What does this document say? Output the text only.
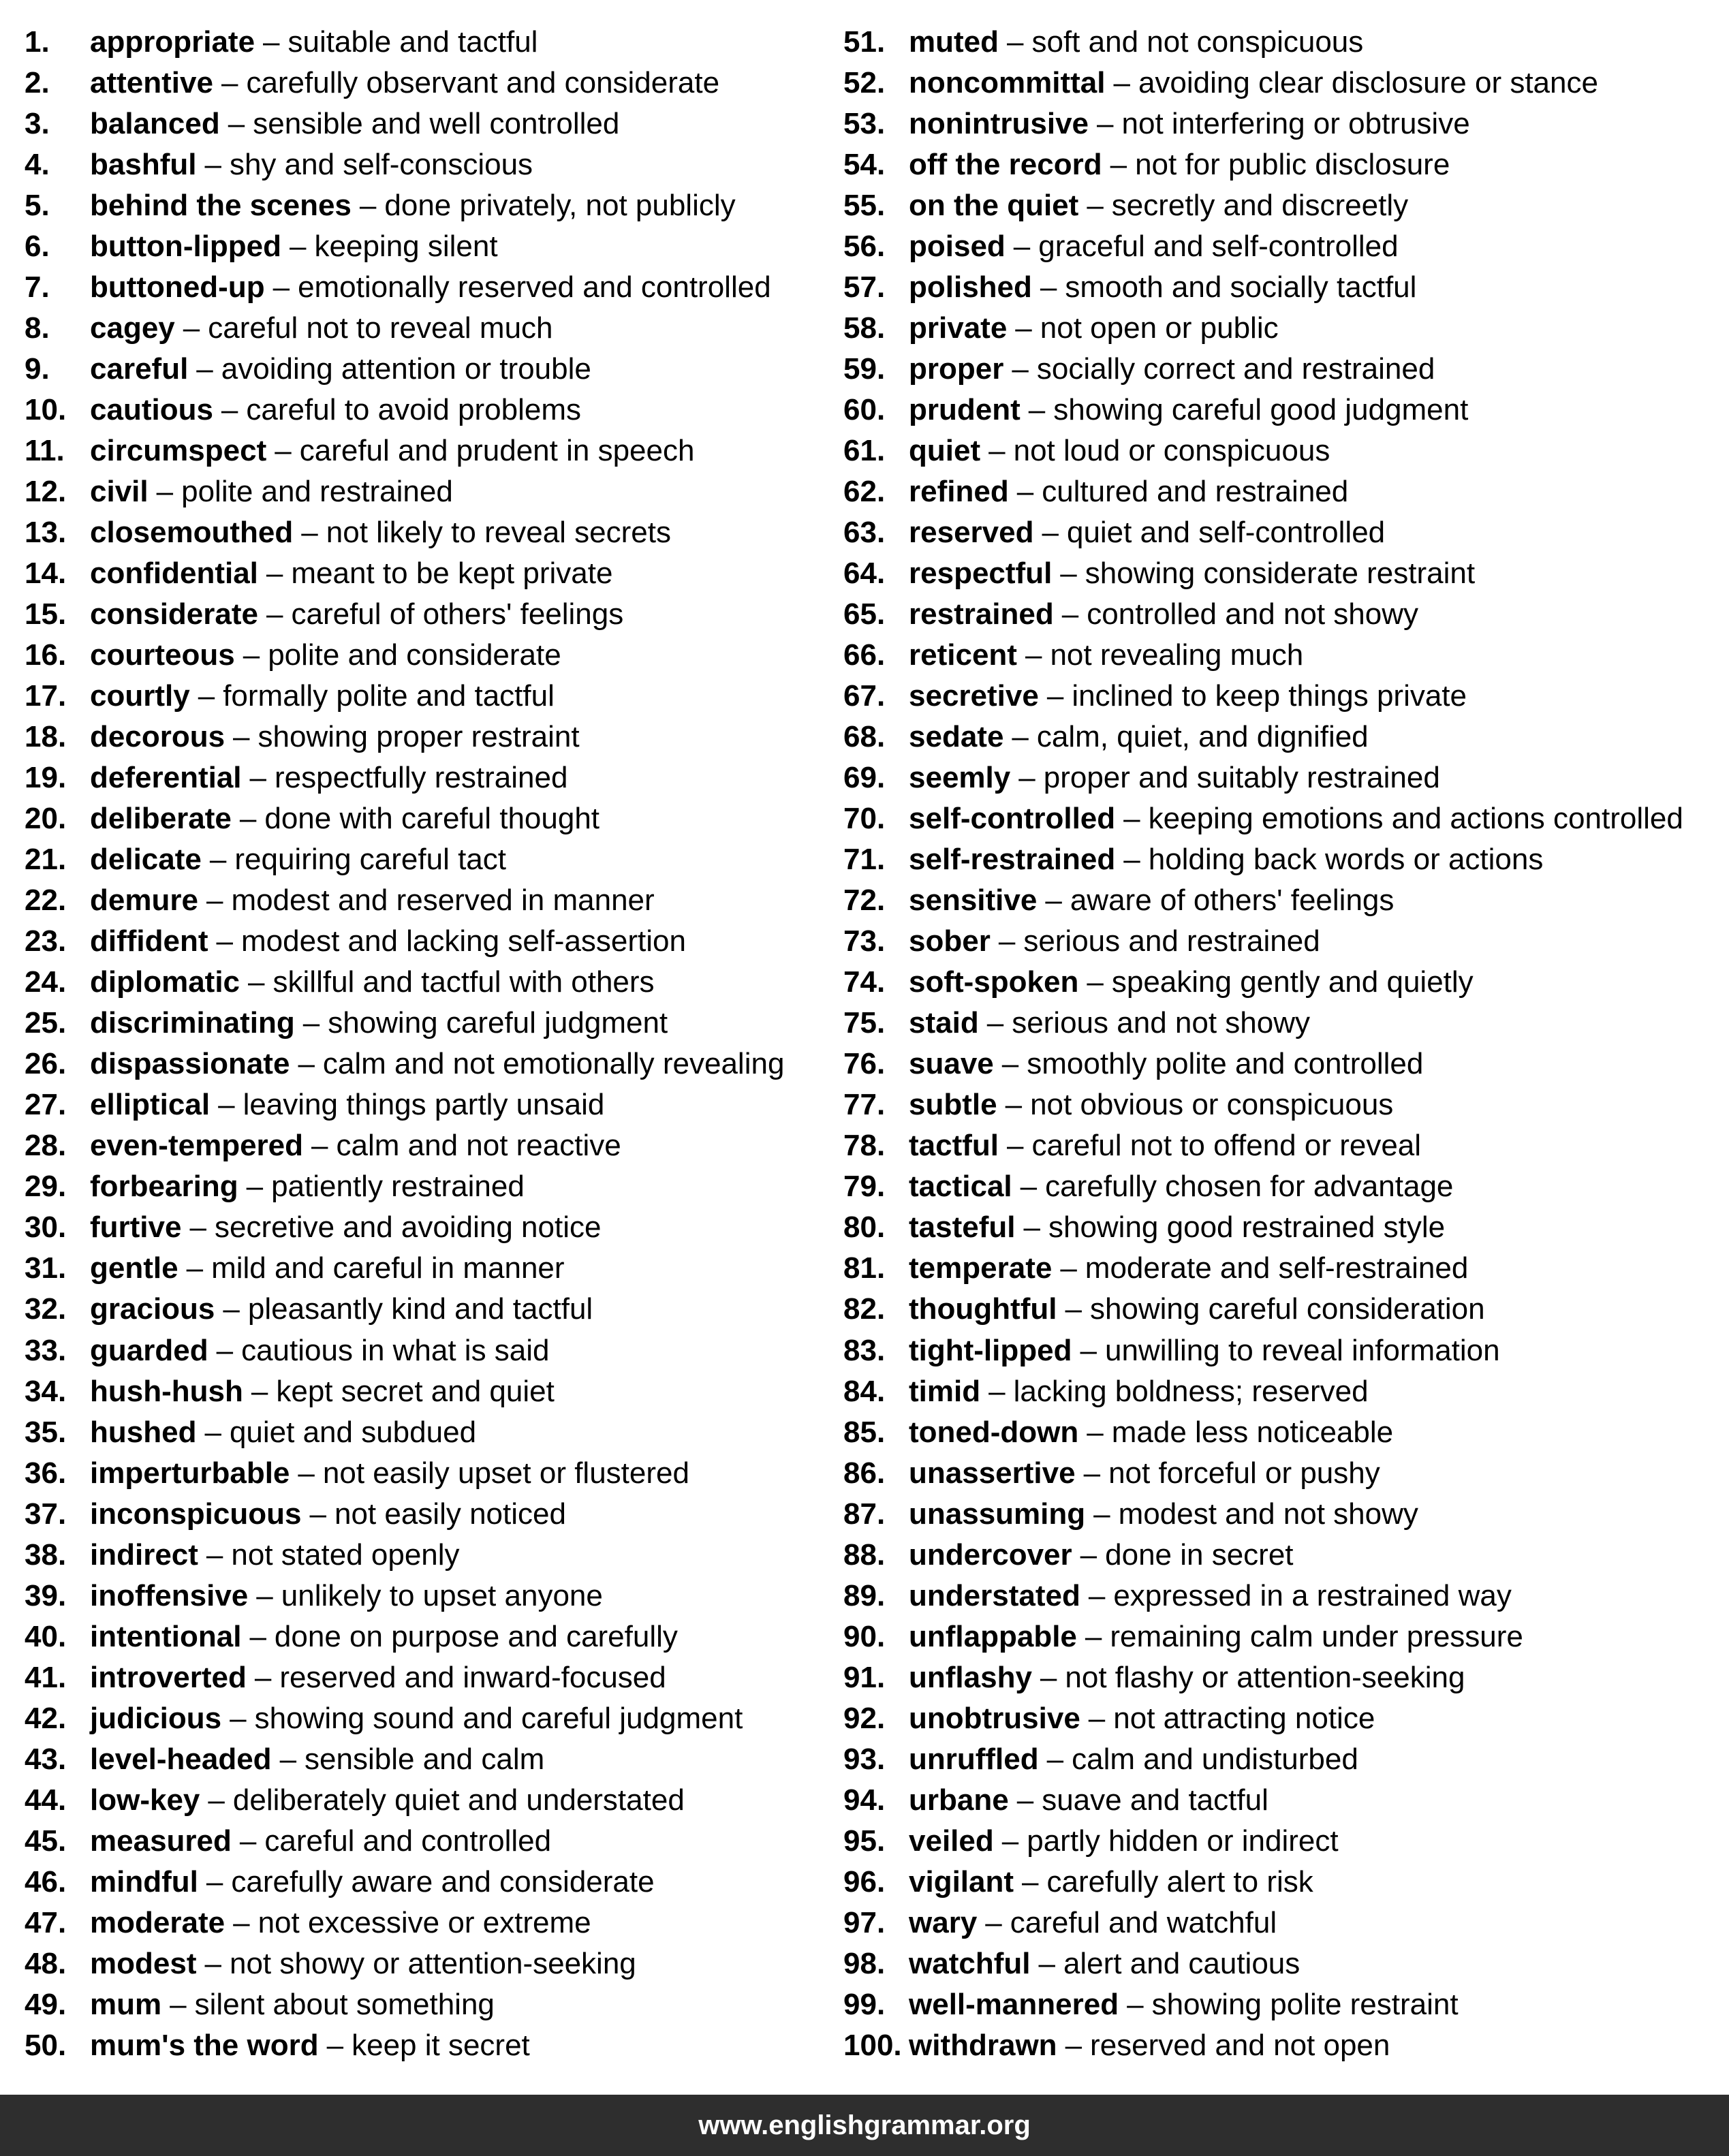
1.	appropriate – suitable and tactful
2.	attentive – carefully observant and considerate
3.	balanced – sensible and well controlled
4.	bashful – shy and self-conscious
5.	behind the scenes – done privately, not publicly
6.	button-lipped – keeping silent
7.	buttoned-up – emotionally reserved and controlled
8.	cagey – careful not to reveal much
9.	careful – avoiding attention or trouble
10. cautious – careful to avoid problems
11. circumspect – careful and prudent in speech
12. civil – polite and restrained
13. closemouthed – not likely to reveal secrets
14. confidential – meant to be kept private
15. considerate – careful of others' feelings
16. courteous – polite and considerate
17. courtly – formally polite and tactful
18. decorous – showing proper restraint
19. deferential – respectfully restrained
20. deliberate – done with careful thought
21. delicate – requiring careful tact
22. demure – modest and reserved in manner
23. diffident – modest and lacking self-assertion
24. diplomatic – skillful and tactful with others
25. discriminating – showing careful judgment
26. dispassionate – calm and not emotionally revealing
27. elliptical – leaving things partly unsaid
28. even-tempered – calm and not reactive
29. forbearing – patiently restrained
30. furtive – secretive and avoiding notice
31. gentle – mild and careful in manner
32. gracious – pleasantly kind and tactful
33. guarded – cautious in what is said
34. hush-hush – kept secret and quiet
35. hushed – quiet and subdued
36. imperturbable – not easily upset or flustered
37. inconspicuous – not easily noticed
38. indirect – not stated openly
39. inoffensive – unlikely to upset anyone
40. intentional – done on purpose and carefully
41. introverted – reserved and inward-focused
42. judicious – showing sound and careful judgment
43. level-headed – sensible and calm
44. low-key – deliberately quiet and understated
45. measured – careful and controlled
46. mindful – carefully aware and considerate
47. moderate – not excessive or extreme
48. modest – not showy or attention-seeking
49. mum – silent about something
50. mum's the word – keep it secret
51. muted – soft and not conspicuous
52. noncommittal – avoiding clear disclosure or stance
53. nonintrusive – not interfering or obtrusive
54. off the record – not for public disclosure
55. on the quiet – secretly and discreetly
56. poised – graceful and self-controlled
57. polished – smooth and socially tactful
58. private – not open or public
59. proper – socially correct and restrained
60. prudent – showing careful good judgment
61. quiet – not loud or conspicuous
62. refined – cultured and restrained
63. reserved – quiet and self-controlled
64. respectful – showing considerate restraint
65. restrained – controlled and not showy
66. reticent – not revealing much
67. secretive – inclined to keep things private
68. sedate – calm, quiet, and dignified
69. seemly – proper and suitably restrained
70. self-controlled – keeping emotions and actions controlled
71. self-restrained – holding back words or actions
72. sensitive – aware of others' feelings
73. sober – serious and restrained
74. soft-spoken – speaking gently and quietly
75. staid – serious and not showy
76. suave – smoothly polite and controlled
77. subtle – not obvious or conspicuous
78. tactful – careful not to offend or reveal
79. tactical – carefully chosen for advantage
80. tasteful – showing good restrained style
81. temperate – moderate and self-restrained
82. thoughtful – showing careful consideration
83. tight-lipped – unwilling to reveal information
84. timid – lacking boldness; reserved
85. toned-down – made less noticeable
86. unassertive – not forceful or pushy
87. unassuming – modest and not showy
88. undercover – done in secret
89. understated – expressed in a restrained way
90. unflappable – remaining calm under pressure
91. unflashy – not flashy or attention-seeking
92. unobtrusive – not attracting notice
93. unruffled – calm and undisturbed
94. urbane – suave and tactful
95. veiled – partly hidden or indirect
96. vigilant – carefully alert to risk
97. wary – careful and watchful
98. watchful – alert and cautious
99. well-mannered – showing polite restraint
100. withdrawn – reserved and not open
www.englishgrammar.org
